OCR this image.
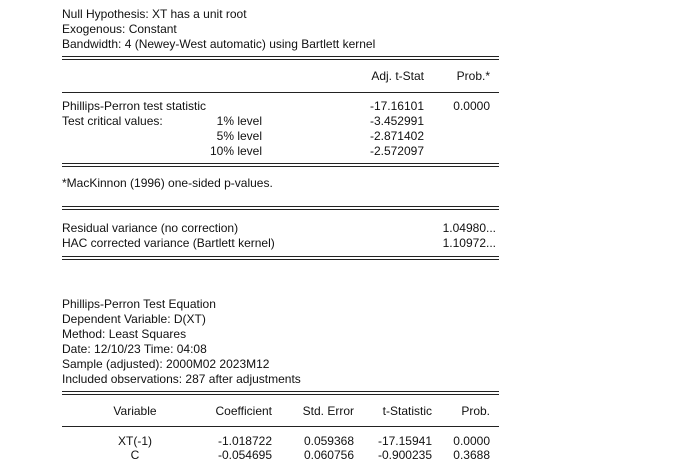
Null Hypothesis: XT has a unit root
Exogenous: Constant
Bandwidth: 4 (Newey-West automatic) using Bartlett kernel
Adj. t-Stat	Prob.*
Phillips-Perron test statistic	-17.16101	0.0000
Test critical values:	1% level	-3.452991
5% level	-2.871402
10% level	-2.572097
*MacKinnon (1996) one-sided p-values.
Residual variance (no correction)	1.04980...
HAC corrected variance (Bartlett kernel)	1.10972...
Phillips-Perron Test Equation
Dependent Variable: D(XT)
Method: Least Squares
Date: 12/10/23 Time: 04:08
Sample (adjusted): 2000M02 2023M12
Included observations: 287 after adjustments
Variable	Coefficient	Std. Error	t-Statistic	Prob.
XT(-1)	-1.018722	0.059368	-17.15941	0.0000
C	-0.054695	0.060756	-0.900235	0.3688
